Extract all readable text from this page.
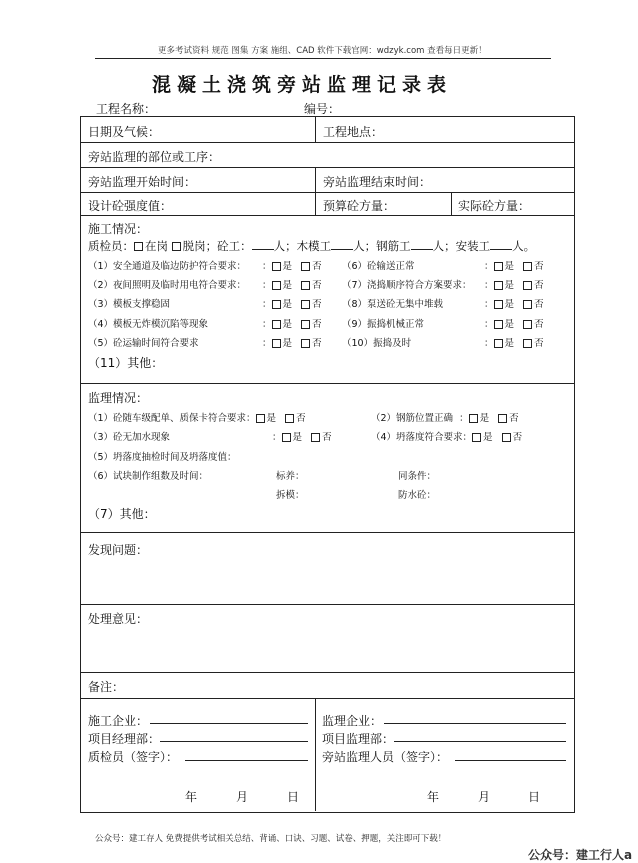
更多考试资料 规范 图集 方案 施组、CAD 软件下载官网：wdzyk.com 查看每日更新！
混凝土浇筑旁站监理记录表
工程名称：	编号：
日期及气候：	工程地点：
旁站监理的部位或工序：
旁站监理开始时间：	旁站监理结束时间：
设计砼强度值：	预算砼方量：	实际砼方量：
施工情况：
质检员： 在岗 脱岗；砼工： 人；木模工 人；钢筋工 人；安装工 人。
（1）安全通道及临边防护符合要求： ： 是 否 （6）砼输送正常	： 是 否
（2）夜间照明及临时用电符合要求： ： 是 否 （7）浇捣顺序符合方案要求： ： 是 否
（3）模板支撑稳固	： 是 否 （8）泵送砼无集中堆载	： 是 否
（4）模板无炸模沉陷等现象	： 是 否 （9）振捣机械正常	： 是 否
（5）砼运输时间符合要求	： 是 否 （10）振捣及时	： 是 否
（11）其他：
监理情况：
（1）砼随车级配单、质保卡符合要求： 是 否	（2）钢筋位置正确  ： 是 否
（3）砼无加水现象	： 是 否	（4）坍落度符合要求： 是 否
（5）坍落度抽检时间及坍落度值：
（6）试块制作组数及时间：	标养：	同条件：
拆模：	防水砼：
（7）其他：
发现问题：
处理意见：
备注：
施工企业：
项目经理部：
质检员（签字）：
年	月	日
监理企业：
项目监理部：
旁站监理人员（签字）：
年	月	日
公众号：建工存人 免费提供考试相关总结、背诵、口诀、习题、试卷、押题，关注即可下载！
公众号：建工行人a
